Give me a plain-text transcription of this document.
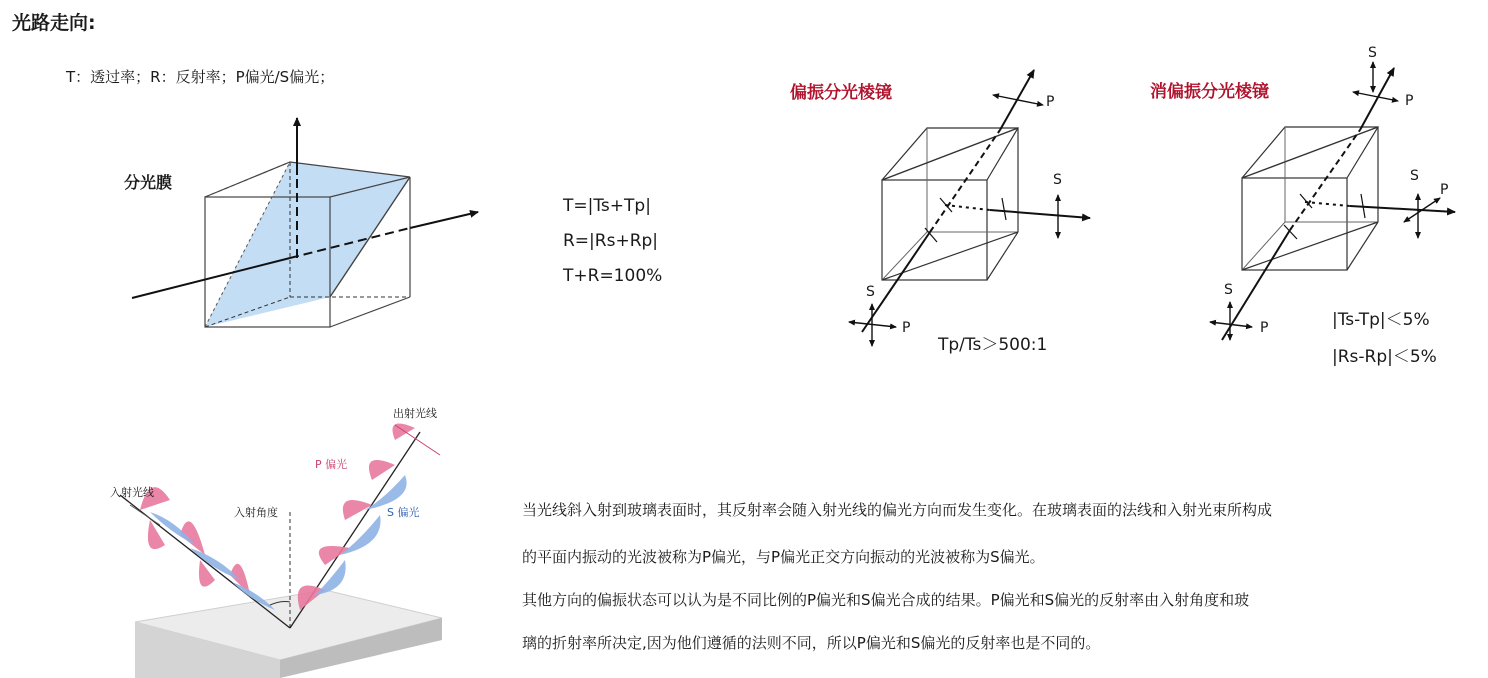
光路走向:
T：透过率；R：反射率；P偏光/S偏光；
分光膜
T=|Ts+Tp|
R=|Rs+Rp|
T+R=100%
偏振分光棱镜	P
S
S
P
Tp/Ts＞500:1
消偏振分光棱镜
S
P
S
P
S
P	|Ts-Tp|＜5%
|Rs-Rp|＜5%
出射光线
入射光线
入射角度
P 偏光
S 偏光	当光线斜入射到玻璃表面时，其反射率会随入射光线的偏光方向而发生变化。在玻璃表面的法线和入射光束所构成
的平面内振动的光波被称为P偏光，与P偏光正交方向振动的光波被称为S偏光。
其他方向的偏振状态可以认为是不同比例的P偏光和S偏光合成的结果。P偏光和S偏光的反射率由入射角度和玻
璃的折射率所决定,因为他们遵循的法则不同，所以P偏光和S偏光的反射率也是不同的。
